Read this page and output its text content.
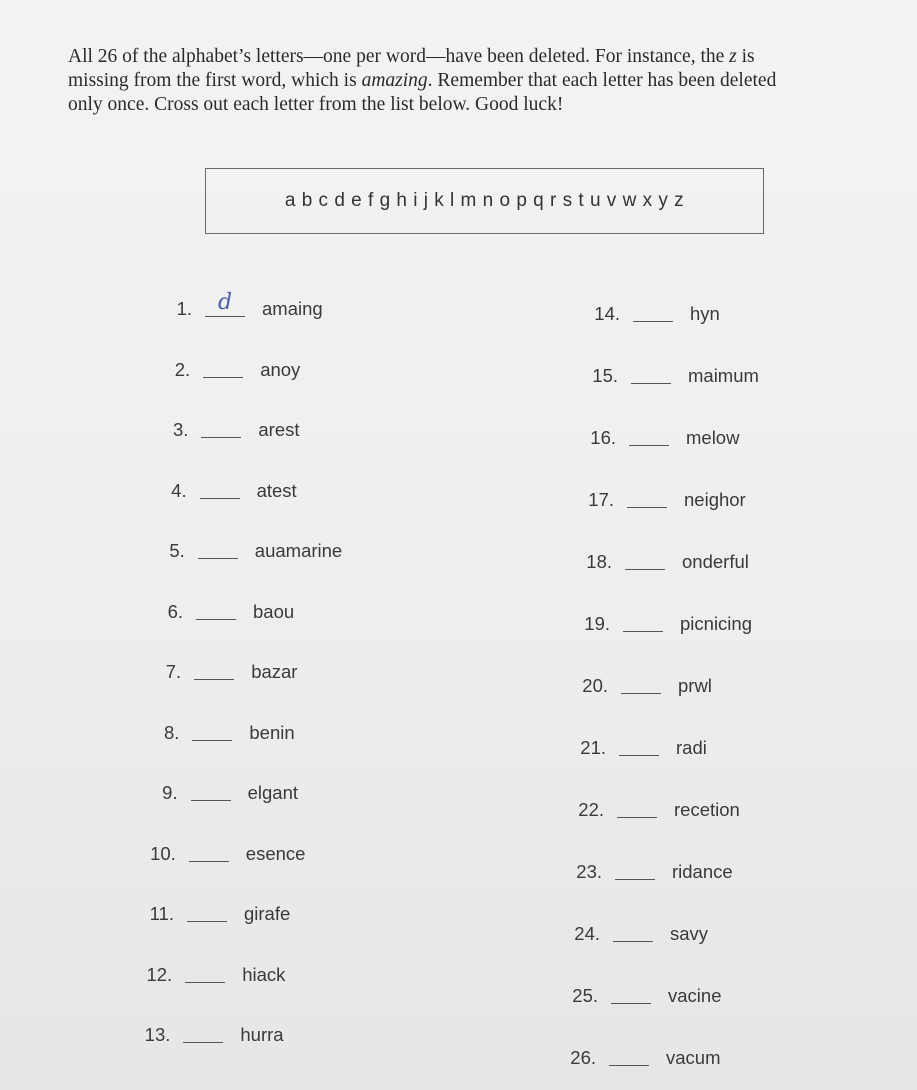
All 26 of the alphabet’s letters—one per word—have been deleted. For instance, the z is

missing from the first word, which is amazing. Remember that each letter has been deleted

only once. Cross out each letter from the list below. Good luck!

a b c d e f g h i j k l m n o p q r s t u v w x y z
1.	d	amaing
2.	anoy
3.	arest
4.	atest
5.	auamarine
6.	baou
7.	bazar
8.	benin
9.	elgant
10.	esence
11.	girafe
12.	hiack
13.	hurra
14.	hyn
15.	maimum
16.	melow
17.	neighor
18.	onderful
19.	picnicing
20.	prwl
21.	radi
22.	recetion
23.	ridance
24.	savy
25.	vacine
26.	vacum
